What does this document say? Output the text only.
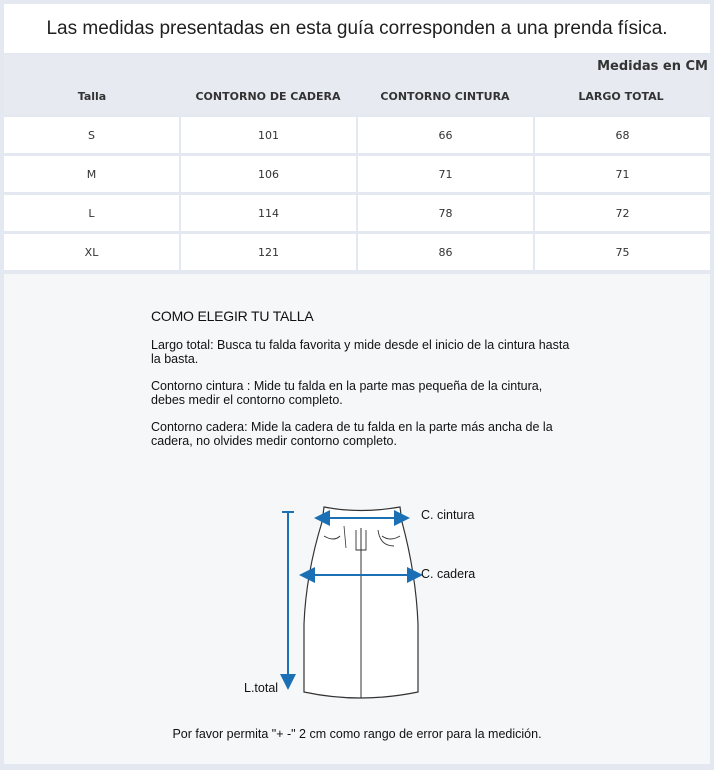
Las medidas presentadas en esta guía corresponden a una prenda física.
Medidas en CM
Talla	CONTORNO DE CADERA	CONTORNO CINTURA	LARGO TOTAL
S	101	66	68
M	106	71	71
L	114	78	72
XL	121	86	75
COMO ELEGIR TU TALLA
Largo total: Busca tu falda favorita y mide desde el inicio de la cintura hasta la basta.
Contorno cintura : Mide tu falda en la parte mas pequeña de la cintura, debes medir el contorno completo.
Contorno cadera: Mide la cadera de tu falda en la parte más ancha de la cadera, no olvides medir contorno completo.
C. cintura
C. cadera
L.total
Por favor permita "+ -" 2 cm como rango de error para la medición.
